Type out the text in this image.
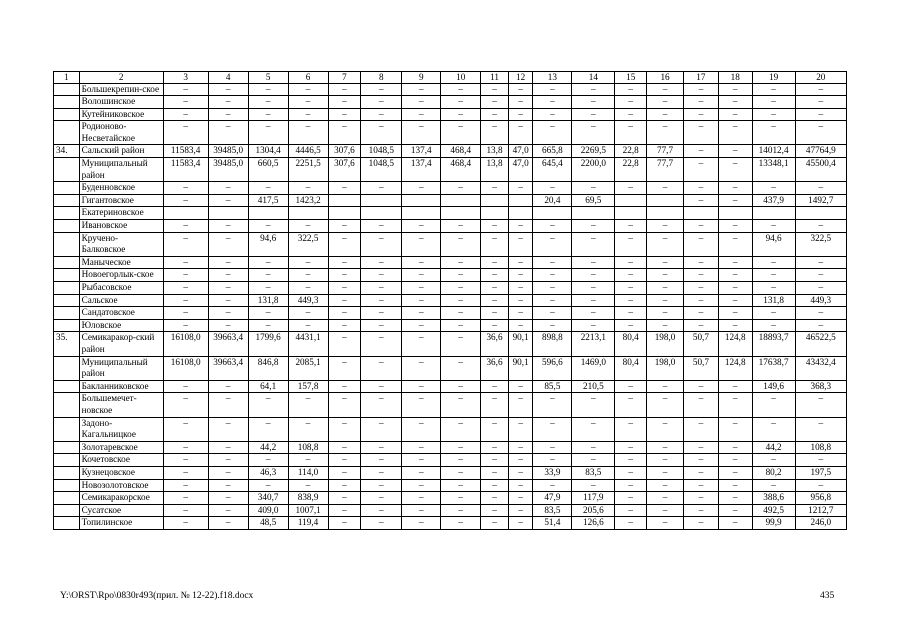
1	2	3	4	5	6	7	8	9	10	11	12	13	14	15	16	17	18	19	20
	Большекрепин-ское	–	–	–	–	–	–	–	–	–	–	–	–	–	–	–	–	–	–
	Волошинское	–	–	–	–	–	–	–	–	–	–	–	–	–	–	–	–	–	–
	Кутейниковское	–	–	–	–	–	–	–	–	–	–	–	–	–	–	–	–	–	–
	Родионово-Несветайское	–	–	–	–	–	–	–	–	–	–	–	–	–	–	–	–	–	–
34.	Сальский район	11583,4	39485,0	1304,4	4446,5	307,6	1048,5	137,4	468,4	13,8	47,0	665,8	2269,5	22,8	77,7	–	–	14012,4	47764,9
	Муниципальный район	11583,4	39485,0	660,5	2251,5	307,6	1048,5	137,4	468,4	13,8	47,0	645,4	2200,0	22,8	77,7	–	–	13348,1	45500,4
	Буденновское	–	–	–	–	–	–	–	–	–	–	–	–	–	–	–	–	–	–
	Гигантовское	–	–	417,5	1423,2							20,4	69,5			–	–	437,9	1492,7
	Екатериновское																		
	Ивановское	–	–	–	–	–	–	–	–	–	–	–	–	–	–	–	–	–	–
	Кручено-Балковское	–	–	94,6	322,5	–	–	–	–	–	–	–	–	–	–	–	–	94,6	322,5
	Маныческое	–	–	–	–	–	–	–	–	–	–	–	–	–	–	–	–	–	–
	Новоегорлык-ское	–	–	–	–	–	–	–	–	–	–	–	–	–	–	–	–	–	–
	Рыбасовское	–	–	–	–	–	–	–	–	–	–	–	–	–	–	–	–	–	–
	Сальское	–	–	131,8	449,3	–	–	–	–	–	–	–	–	–	–	–	–	131,8	449,3
	Сандатовское	–	–	–	–	–	–	–	–	–	–	–	–	–	–	–	–	–	–
	Юловское	–	–	–	–	–	–	–	–	–	–	–	–	–	–	–	–	–	–
35.	Семикаракор-ский район	16108,0	39663,4	1799,6	4431,1	–	–	–	–	36,6	90,1	898,8	2213,1	80,4	198,0	50,7	124,8	18893,7	46522,5
	Муниципальный район	16108,0	39663,4	846,8	2085,1	–	–	–	–	36,6	90,1	596,6	1469,0	80,4	198,0	50,7	124,8	17638,7	43432,4
	Бакланниковское	–	–	64,1	157,8	–	–	–	–	–	–	85,5	210,5	–	–	–	–	149,6	368,3
	Большемечет-новское	–	–	–	–	–	–	–	–	–	–	–	–	–	–	–	–	–	–
	Задоно-Кагальницкое	–	–	–	–	–	–	–	–	–	–	–	–	–	–	–	–	–	–
	Золотаревское	–	–	44,2	108,8	–	–	–	–	–	–	–	–	–	–	–	–	44,2	108,8
	Кочетовское	–	–	–	–	–	–	–	–	–	–	–	–	–	–	–	–	–	–
	Кузнецовское	–	–	46,3	114,0	–	–	–	–	–	–	33,9	83,5	–	–	–	–	80,2	197,5
	Новозолотовское	–	–	–	–	–	–	–	–	–	–	–	–	–	–	–	–	–	–
	Семикаракорское	–	–	340,7	838,9	–	–	–	–	–	–	47,9	117,9	–	–	–	–	388,6	956,8
	Сусатское	–	–	409,0	1007,1	–	–	–	–	–	–	83,5	205,6	–	–	–	–	492,5	1212,7
	Топилинское	–	–	48,5	119,4	–	–	–	–	–	–	51,4	126,6	–	–	–	–	99,9	246,0
Y:\ORST\Rpo\0830r493(прил. № 12-22).f18.docx	435
